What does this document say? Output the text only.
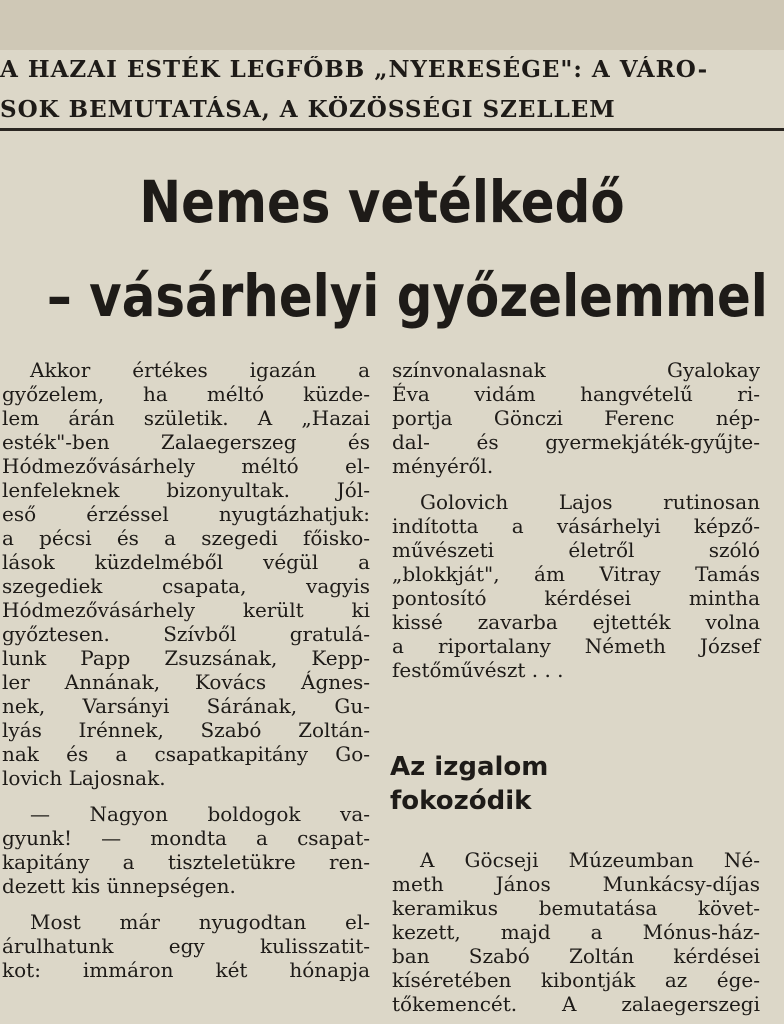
A HAZAI ESTÉK LEGFŐBB „NYERESÉGE": A VÁRO-
SOK BEMUTATÁSA, A KÖZÖSSÉGI SZELLEM
Nemes vetélkedő
– vásárhelyi győzelemmel
Akkor értékes igazán a
győzelem, ha méltó küzde-
lem árán születik. A „Hazai
esték"-ben Zalaegerszeg és
Hódmezővásárhely méltó el-
lenfeleknek bizonyultak. Jól-
eső érzéssel nyugtázhatjuk:
a pécsi és a szegedi főisko-
lások küzdelméből végül a
szegediek csapata, vagyis
Hódmezővásárhely került ki
győztesen. Szívből gratulá-
lunk Papp Zsuzsának, Kepp-
ler Annának, Kovács Ágnes-
nek, Varsányi Sárának, Gu-
lyás Irénnek, Szabó Zoltán-
nak és a csapatkapitány Go-
lovich Lajosnak.
— Nagyon boldogok va-
gyunk! — mondta a csapat-
kapitány a tiszteletükre ren-
dezett kis ünnepségen.
Most már nyugodtan el-
árulhatunk egy kulisszatit-
kot: immáron két hónapja
színvonalasnak Gyalokay
Éva vidám hangvételű ri-
portja Gönczi Ferenc nép-
dal- és gyermekjáték-gyűjte-
ményéről.
Golovich Lajos rutinosan
indította a vásárhelyi képző-
művészeti életről szóló
„blokkját", ám Vitray Tamás
pontosító kérdései mintha
kissé zavarba ejtették volna
a riportalany Németh József
festőművészt . . .
Az izgalom
fokozódik
A Göcseji Múzeumban Né-
meth János Munkácsy-díjas
keramikus bemutatása követ-
kezett, majd a Mónus-ház-
ban Szabó Zoltán kérdései
kíséretében kibontják az ége-
tőkemencét. A zalaegerszegi
